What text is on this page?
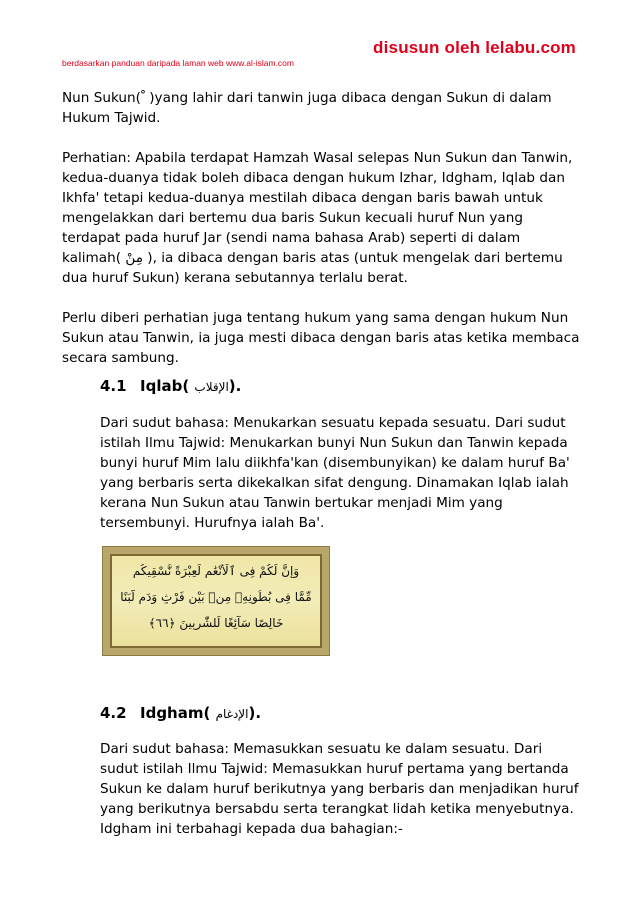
disusun oleh lelabu.com
berdasarkan panduan daripada laman web www.al-islam.com

Nun Sukun( ْ )yang lahir dari tanwin juga dibaca dengan Sukun di dalam Hukum Tajwid.

Perhatian: Apabila terdapat Hamzah Wasal selepas Nun Sukun dan Tanwin, kedua-duanya tidak boleh dibaca dengan hukum Izhar, Idgham, Iqlab dan Ikhfa' tetapi kedua-duanya mestilah dibaca dengan baris bawah untuk mengelakkan dari bertemu dua baris Sukun kecuali huruf Nun yang terdapat pada huruf Jar (sendi nama bahasa Arab) seperti di dalam kalimah( مِنْ ), ia dibaca dengan baris atas (untuk mengelak dari bertemu dua huruf Sukun) kerana sebutannya terlalu berat.

Perlu diberi perhatian juga tentang hukum yang sama dengan hukum Nun Sukun atau Tanwin, ia juga mesti dibaca dengan baris atas ketika membaca secara sambung.

4.1 Iqlab( الإقلاب).

Dari sudut bahasa: Menukarkan sesuatu kepada sesuatu. Dari sudut istilah Ilmu Tajwid: Menukarkan bunyi Nun Sukun dan Tanwin kepada bunyi huruf Mim lalu diikhfa'kan (disembunyikan) ke dalam huruf Ba' yang berbaris serta dikekalkan sifat dengung. Dinamakan Iqlab ialah kerana Nun Sukun atau Tanwin bertukar menjadi Mim yang tersembunyi. Hurufnya ialah Ba'.

وَإِنَّ لَكُمْ فِى ٱلْأَنْعَٰمِ لَعِبْرَةً نُّسْقِيكُم
مِّمَّا فِى بُطُونِهِۦ مِنۢ بَيْنِ فَرْثٍ وَدَمٍ لَّبَنًا
خَالِصًا سَآئِغًا لِّلشَّٰرِبِينَ ﴿٦٦﴾
4.2 Idgham( الإدغام).

Dari sudut bahasa: Memasukkan sesuatu ke dalam sesuatu. Dari sudut istilah Ilmu Tajwid: Memasukkan huruf pertama yang bertanda Sukun ke dalam huruf berikutnya yang berbaris dan menjadikan huruf yang berikutnya bersabdu serta terangkat lidah ketika menyebutnya. Idgham ini terbahagi kepada dua bahagian:-
